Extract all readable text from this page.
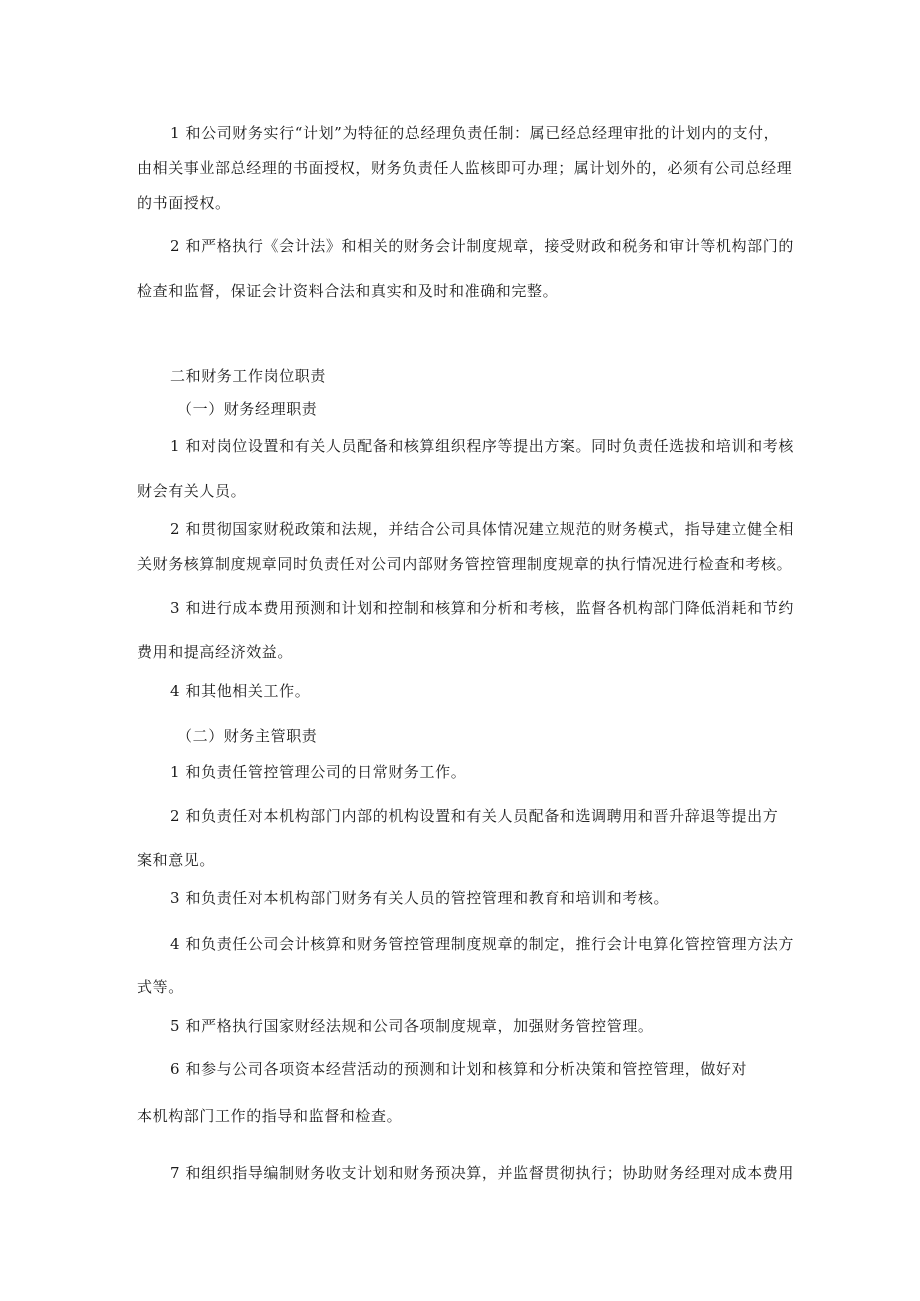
1 和公司财务实行“计划”为特征的总经理负责任制：属已经总经理审批的计划内的支付，
由相关事业部总经理的书面授权，财务负责任人监核即可办理；属计划外的，必须有公司总经理
的书面授权。
2 和严格执行《会计法》和相关的财务会计制度规章，接受财政和税务和审计等机构部门的
检查和监督，保证会计资料合法和真实和及时和准确和完整。
二和财务工作岗位职责
（一）财务经理职责
1 和对岗位设置和有关人员配备和核算组织程序等提出方案。同时负责任选拔和培训和考核
财会有关人员。
2 和贯彻国家财税政策和法规，并结合公司具体情况建立规范的财务模式，指导建立健全相
关财务核算制度规章同时负责任对公司内部财务管控管理制度规章的执行情况进行检查和考核。
3 和进行成本费用预测和计划和控制和核算和分析和考核，监督各机构部门降低消耗和节约
费用和提高经济效益。
4 和其他相关工作。
（二）财务主管职责
1 和负责任管控管理公司的日常财务工作。
2 和负责任对本机构部门内部的机构设置和有关人员配备和选调聘用和晋升辞退等提出方
案和意见。
3 和负责任对本机构部门财务有关人员的管控管理和教育和培训和考核。
4 和负责任公司会计核算和财务管控管理制度规章的制定，推行会计电算化管控管理方法方
式等。
5 和严格执行国家财经法规和公司各项制度规章，加强财务管控管理。
6 和参与公司各项资本经营活动的预测和计划和核算和分析决策和管控管理，做好对
本机构部门工作的指导和监督和检查。
7 和组织指导编制财务收支计划和财务预决算，并监督贯彻执行；协助财务经理对成本费用
